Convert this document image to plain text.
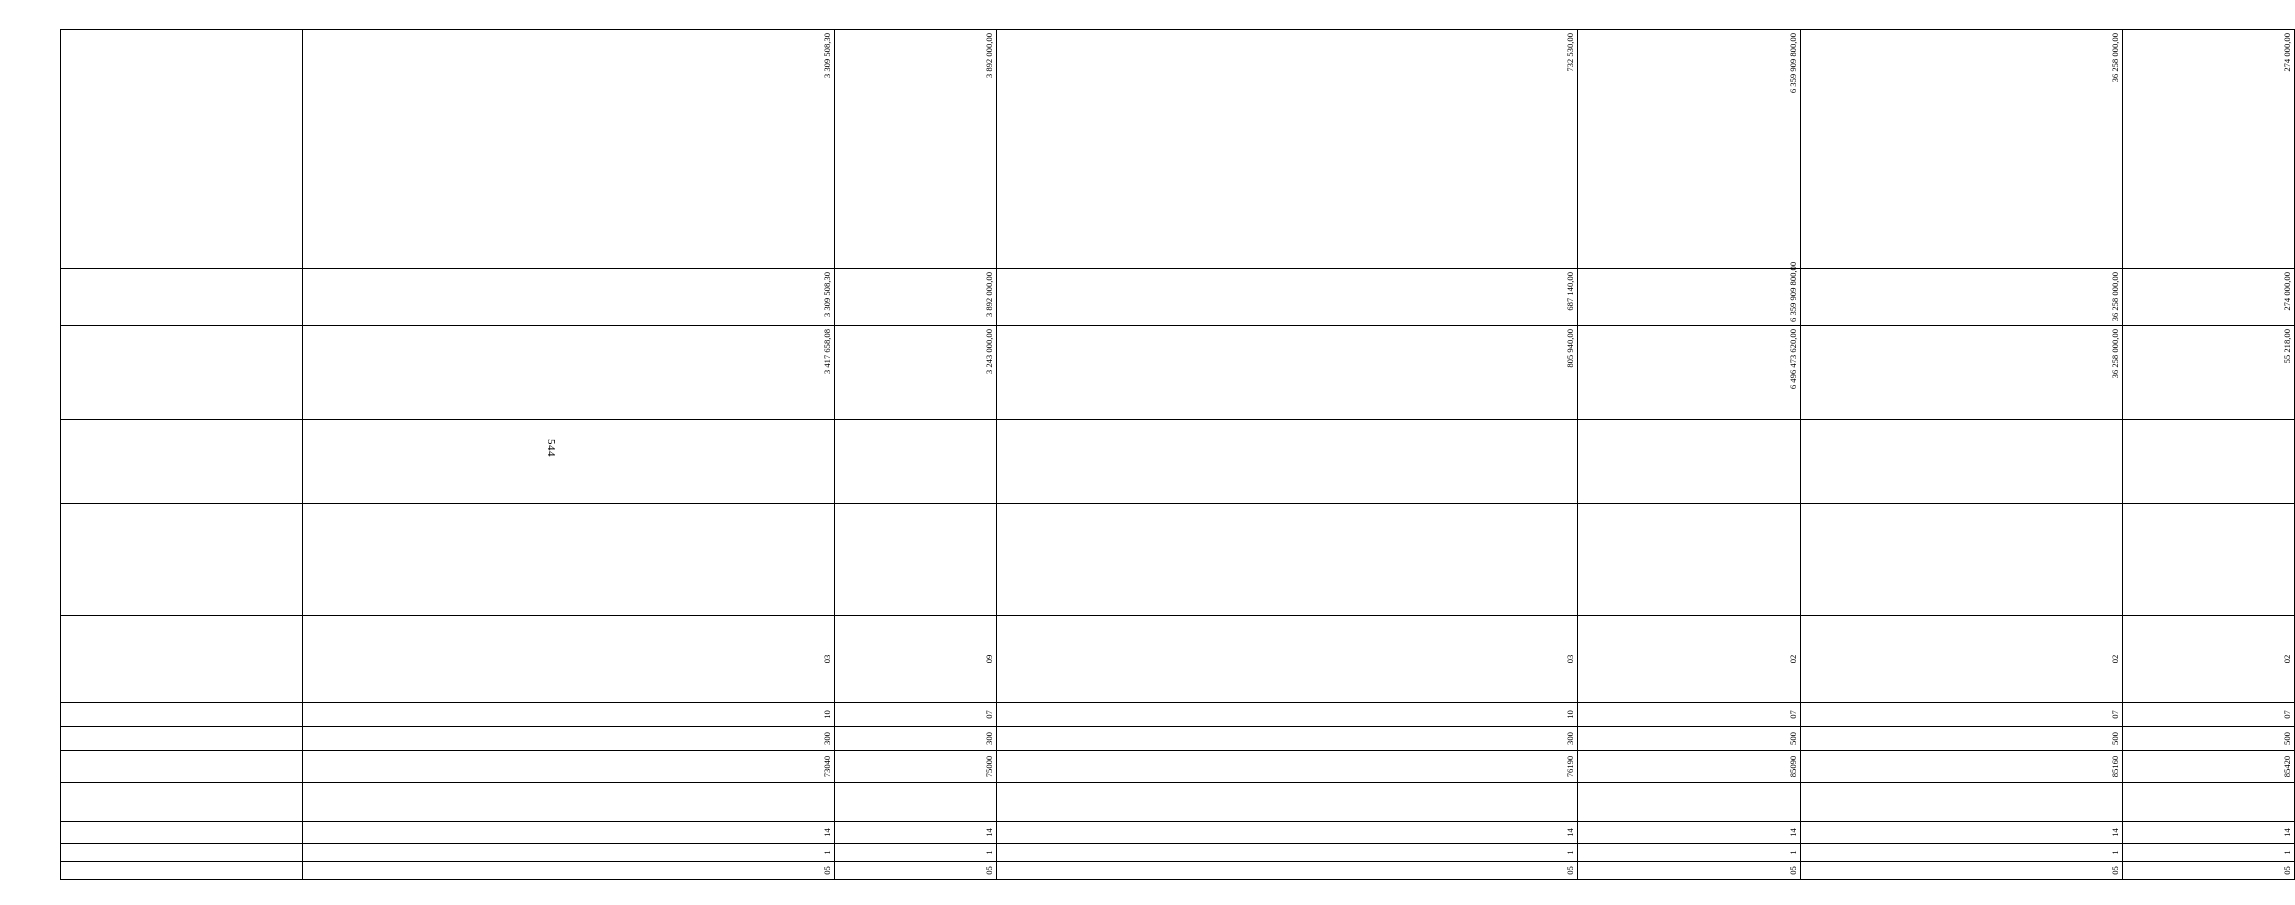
544

05	1	14		73040	300	10	03			3 417 658,08	3 309 508,30	3 309 508,30	
05	1	14		75000	300	07	09			3 243 000,00	3 892 000,00	3 892 000,00	
05	1	14		76190	300	10	03			805 940,00	687 140,00	732 530,00	
05	1	14		85090	500	07	02			6 496 473 620,00	6 359 909 800,00	6 359 909 800,00	
05	1	14		85160	500	07	02			36 258 000,00	36 258 000,00	36 258 000,00	
05	1	14		85420	500	07	02			55 218,00	274 000,00	274 000,00	
